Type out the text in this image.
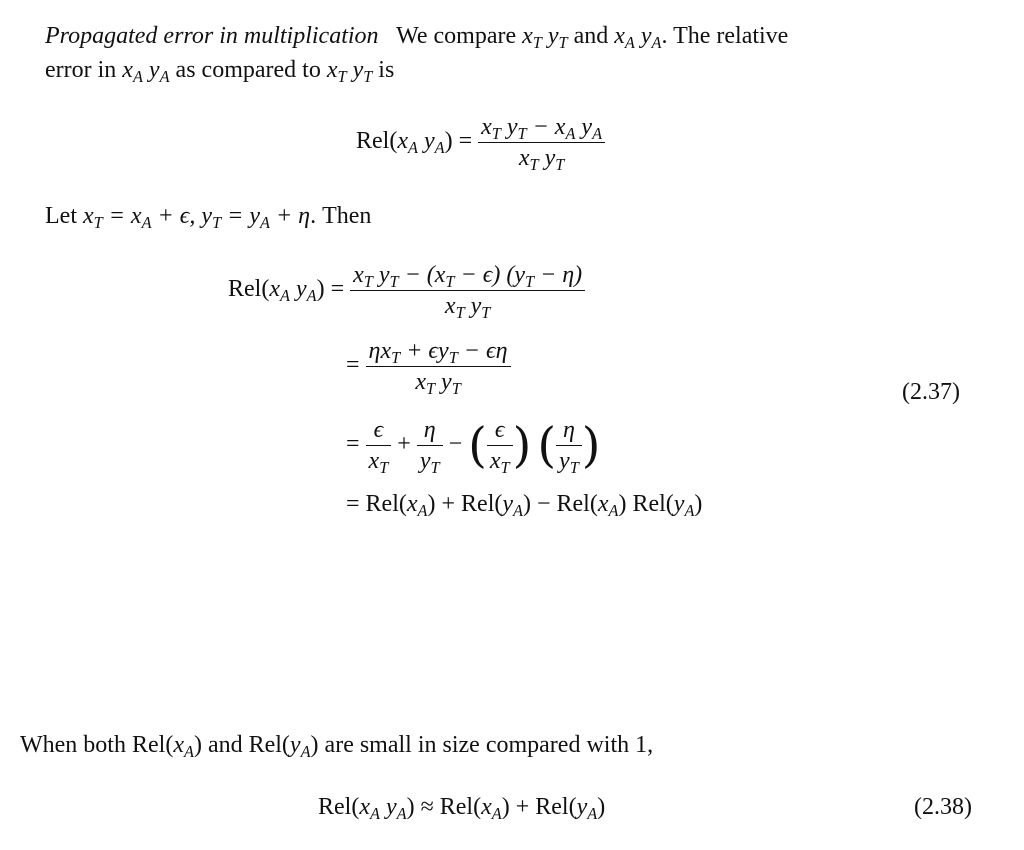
Propagated error in multiplication We compare $x_T$ $y_T$ and $x_A$ $y_A$. The relative
error in $x_A$ $y_A$ as compared to $x_T$ $y_T$ is
$Rel(x_A$ $y_A) = \frac{x_T y_T - x_A y_A}{x_T y_T}$
Let $x_T = x_A + \epsilon$, $y_T = y_A + \eta$. Then
$Rel(x_A$ $y_A) = \frac{x_T y_T - (x_T - \epsilon) (y_T - \eta)}{x_T y_T}$
= $\frac{\eta x_T + \epsilon y_T - \epsilon\eta}{x_T y_T}$	(2.37)
= $\frac{\epsilon}{x_T} + \frac{\eta}{y_T}$ − ( $\frac{\epsilon}{x_T}$ ) ( $\frac{\eta}{y_T}$ )
= $Rel(x_A) + Rel(y_A) - Rel(x_A)$ $Rel(y_A)$
When both $Rel(x_A)$ and $Rel(y_A)$ are small in size compared with 1,
$Rel(x_A$ $y_A) \approx Rel(x_A) + Rel(y_A)$	(2.38)
